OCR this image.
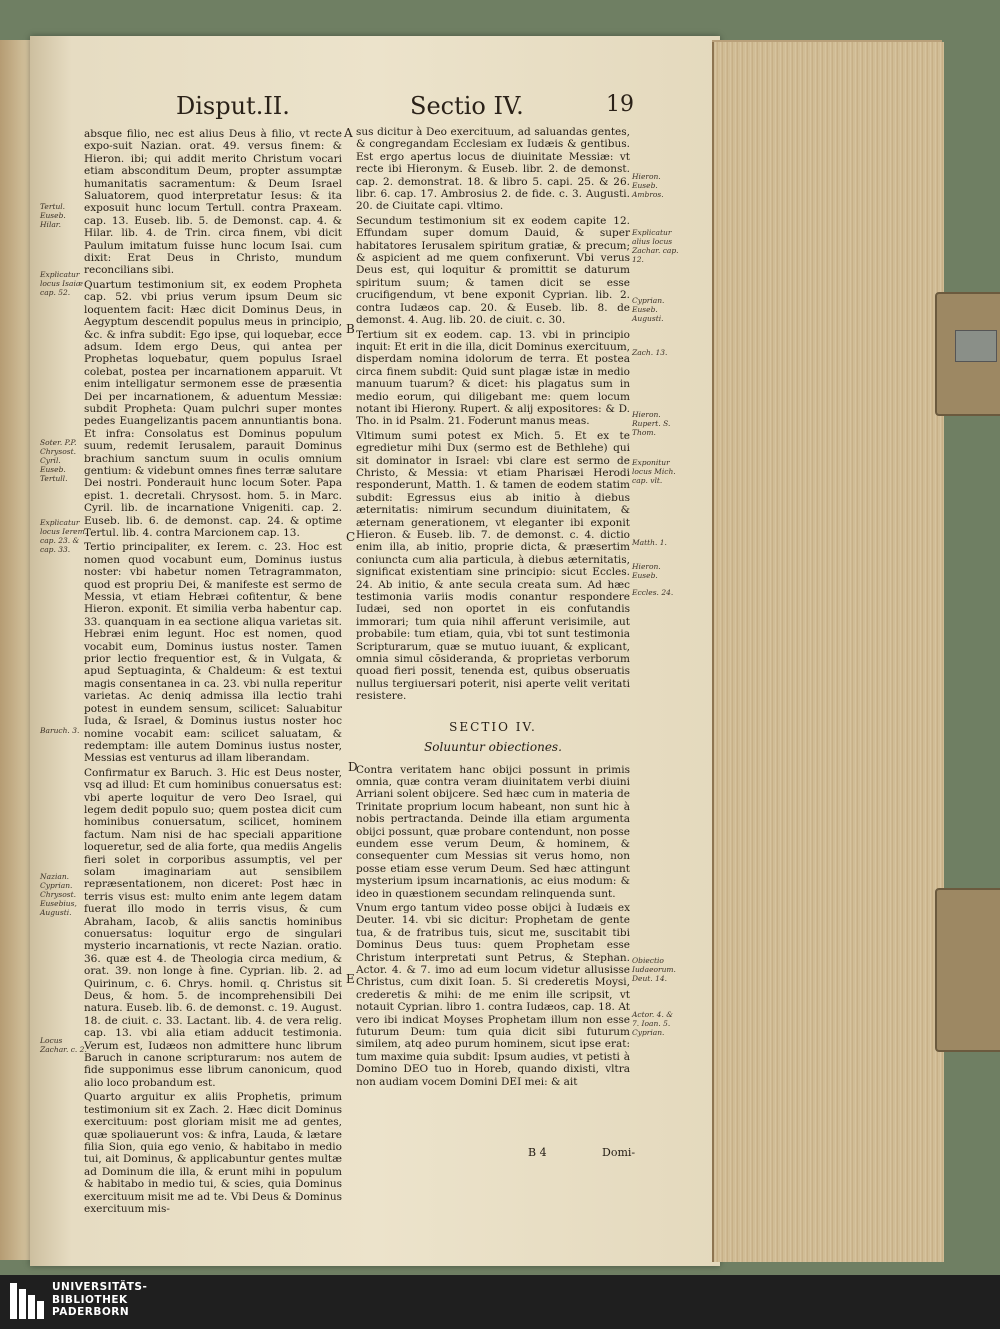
Disput.II.	Sectio IV.	19

absque filio, nec est alius Deus à filio, vt recte expo-suit Nazian. orat. 49. versus finem: & Hieron. ibi; qui addit merito Christum vocari etiam absconditum Deum, propter assumptæ humanitatis sacramentum: & Deum Israel Saluatorem, quod interpretatur Iesus: & ita exposuit hunc locum Tertull. contra Praxeam. cap. 13. Euseb. lib. 5. de Demonst. cap. 4. & Hilar. lib. 4. de Trin. circa finem, vbi dicit Paulum imitatum fuisse hunc locum Isai. cum dixit: Erat Deus in Christo, mundum reconcilians sibi.

Quartum testimonium sit, ex eodem Propheta cap. 52. vbi prius verum ipsum Deum sic loquentem facit: Hæc dicit Dominus Deus, in Aegyptum descendit populus meus in principio, &c. & infra subdit: Ego ipse, qui loquebar, ecce adsum. Idem ergo Deus, qui antea per Prophetas loquebatur, quem populus Israel colebat, postea per incarnationem apparuit. Vt enim intelligatur sermonem esse de præsentia Dei per incarnationem, & aduentum Messiæ: subdit Propheta: Quam pulchri super montes pedes Euangelizantis pacem annuntiantis bona. Et infra: Consolatus est Dominus populum suum, redemit Ierusalem, parauit Dominus brachium sanctum suum in oculis omnium gentium: & videbunt omnes fines terræ salutare Dei nostri. Ponderauit hunc locum Soter. Papa epist. 1. decretali. Chrysost. hom. 5. in Marc. Cyril. lib. de incarnatione Vnigeniti. cap. 2. Euseb. lib. 6. de demonst. cap. 24. & optime Tertul. lib. 4. contra Marcionem cap. 13.

Tertio principaliter, ex Ierem. c. 23. Hoc est nomen quod vocabunt eum, Dominus iustus noster: vbi habetur nomen Tetragrammaton, quod est propriu Dei, & manifeste est sermo de Messia, vt etiam Hebræi cofitentur, & bene Hieron. exponit. Et similia verba habentur cap. 33. quanquam in ea sectione aliqua varietas sit. Hebræi enim legunt. Hoc est nomen, quod vocabit eum, Dominus iustus noster. Tamen prior lectio frequentior est, & in Vulgata, & apud Septuaginta, & Chaldeum: & est textui magis consentanea in ca. 23. vbi nulla reperitur varietas. Ac deniq admissa illa lectio trahi potest in eundem sensum, scilicet: Saluabitur Iuda, & Israel, & Dominus iustus noster hoc nomine vocabit eam: scilicet saluatam, & redemptam: ille autem Dominus iustus noster, Messias est venturus ad illam liberandam.

Confirmatur ex Baruch. 3. Hic est Deus noster, vsq ad illud: Et cum hominibus conuersatus est: vbi aperte loquitur de vero Deo Israel, qui legem dedit populo suo; quem postea dicit cum hominibus conuersatum, scilicet, hominem factum. Nam nisi de hac speciali apparitione loqueretur, sed de alia forte, qua mediis Angelis fieri solet in corporibus assumptis, vel per solam imaginariam aut sensibilem repræsentationem, non diceret: Post hæc in terris visus est: multo enim ante legem datam fuerat illo modo in terris visus, & cum Abraham, Iacob, & aliis sanctis hominibus conuersatus: loquitur ergo de singulari mysterio incarnationis, vt recte Nazian. oratio. 36. quæ est 4. de Theologia circa medium, & orat. 39. non longe à fine. Cyprian. lib. 2. ad Quirinum, c. 6. Chrys. homil. q. Christus sit Deus, & hom. 5. de incomprehensibili Dei natura. Euseb. lib. 6. de demonst. c. 19. August. 18. de ciuit. c. 33. Lactant. lib. 4. de vera relig. cap. 13. vbi alia etiam adducit testimonia. Verum est, Iudæos non admittere hunc librum Baruch in canone scripturarum: nos autem de fide supponimus esse librum canonicum, quod alio loco probandum est.

Quarto arguitur ex aliis Prophetis, primum testimonium sit ex Zach. 2. Hæc dicit Dominus exercituum: post gloriam misit me ad gentes, quæ spoliauerunt vos: & infra, Lauda, & lætare filia Sion, quia ego venio, & habitabo in medio tui, ait Dominus, & applicabuntur gentes multæ ad Dominum die illa, & erunt mihi in populum & habitabo in medio tui, & scies, quia Dominus exercituum misit me ad te. Vbi Deus & Dominus exercituum mis-

sus dicitur à Deo exercituum, ad saluandas gentes, & congregandam Ecclesiam ex Iudæis & gentibus. Est ergo apertus locus de diuinitate Messiæ: vt recte ibi Hieronym. & Euseb. libr. 2. de demonst. cap. 2. demonstrat. 18. & libro 5. capi. 25. & 26. libr. 6. cap. 17. Ambrosius 2. de fide. c. 3. Augusti. 20. de Ciuitate capi. vltimo.

Secundum testimonium sit ex eodem capite 12. Effundam super domum Dauid, & super habitatores Ierusalem spiritum gratiæ, & precum; & aspicient ad me quem confixerunt. Vbi verus Deus est, qui loquitur & promittit se daturum spiritum suum; & tamen dicit se esse crucifigendum, vt bene exponit Cyprian. lib. 2. contra Iudæos cap. 20. & Euseb. lib. 8. de demonst. 4. Aug. lib. 20. de ciuit. c. 30.

Tertium sit ex eodem. cap. 13. vbi in principio inquit: Et erit in die illa, dicit Dominus exercituum, disperdam nomina idolorum de terra. Et postea circa finem subdit: Quid sunt plagæ istæ in medio manuum tuarum? & dicet: his plagatus sum in medio eorum, qui diligebant me: quem locum notant ibi Hierony. Rupert. & alij expositores: & D. Tho. in id Psalm. 21. Foderunt manus meas.

Vltimum sumi potest ex Mich. 5. Et ex te egredietur mihi Dux (sermo est de Bethlehe) qui sit dominator in Israel: vbi clare est sermo de Christo, & Messia: vt etiam Pharisæi Herodi responderunt, Matth. 1. & tamen de eodem statim subdit: Egressus eius ab initio à diebus æternitatis: nimirum secundum diuinitatem, & æternam generationem, vt eleganter ibi exponit Hieron. & Euseb. lib. 7. de demonst. c. 4. dictio enim illa, ab initio, proprie dicta, & præsertim coniuncta cum alia particula, à diebus æternitatis, significat existentiam sine principio: sicut Eccles. 24. Ab initio, & ante secula creata sum. Ad hæc testimonia variis modis conantur respondere Iudæi, sed non oportet in eis confutandis immorari; tum quia nihil afferunt verisimile, aut probabile: tum etiam, quia, vbi tot sunt testimonia Scripturarum, quæ se mutuo iuuant, & explicant, omnia simul cõsideranda, & proprietas verborum quoad fieri possit, tenenda est, quibus obseruatis nullus tergiuersari poterit, nisi aperte velit veritati resistere.

SECTIO IV.
Soluuntur obiectiones.

Contra veritatem hanc obijci possunt in primis omnia, quæ contra veram diuinitatem verbi diuini Arriani solent obijcere. Sed hæc cum in materia de Trinitate proprium locum habeant, non sunt hic à nobis pertractanda. Deinde illa etiam argumenta obijci possunt, quæ probare contendunt, non posse eundem esse verum Deum, & hominem, & consequenter cum Messias sit verus homo, non posse etiam esse verum Deum. Sed hæc attingunt mysterium ipsum incarnationis, ac eius modum: & ideo in quæstionem secundam relinquenda sunt.

Vnum ergo tantum video posse obijci à Iudæis ex Deuter. 14. vbi sic dicitur: Prophetam de gente tua, & de fratribus tuis, sicut me, suscitabit tibi Dominus Deus tuus: quem Prophetam esse Christum interpretati sunt Petrus, & Stephan. Actor. 4. & 7. imo ad eum locum videtur allusisse Christus, cum dixit Ioan. 5. Si crederetis Moysi, crederetis & mihi: de me enim ille scripsit, vt notauit Cyprian. libro 1. contra Iudæos, cap. 18. At vero ibi indicat Moyses Prophetam illum non esse futurum Deum: tum quia dicit sibi futurum similem, atq adeo purum hominem, sicut ipse erat: tum maxime quia subdit: Ipsum audies, vt petisti à Domino DEO tuo in Horeb, quando dixisti, vltra non audiam vocem Domini DEI mei: & ait

Tertul. Euseb. Hilar.
Explicatur locus Isaiæ cap. 52.
Soter. P.P. Chrysost. Cyril. Euseb. Tertull.
Explicatur locus Ierem. cap. 23. & cap. 33.
Baruch. 3.
Nazian. Cyprian. Chrysost. Eusebius, Augusti.
Locus Zachar. c. 2.
Hieron. Euseb. Ambros.
Explicatur alius locus Zachar. cap. 12.
Cyprian. Euseb. Augusti.
Zach. 13.
Hieron. Rupert. S. Thom.
Exponitur locus Mich. cap. vlt.
Matth. 1.
Hieron. Euseb.
Eccles. 24.
Obiectio Iudaeorum. Deut. 14.
Actor. 4. & 7. Ioan. 5. Cyprian.
A
B
C
D
E
B 4	Domi-
UNIVERSITÄTS-
BIBLIOTHEK
PADERBORN
